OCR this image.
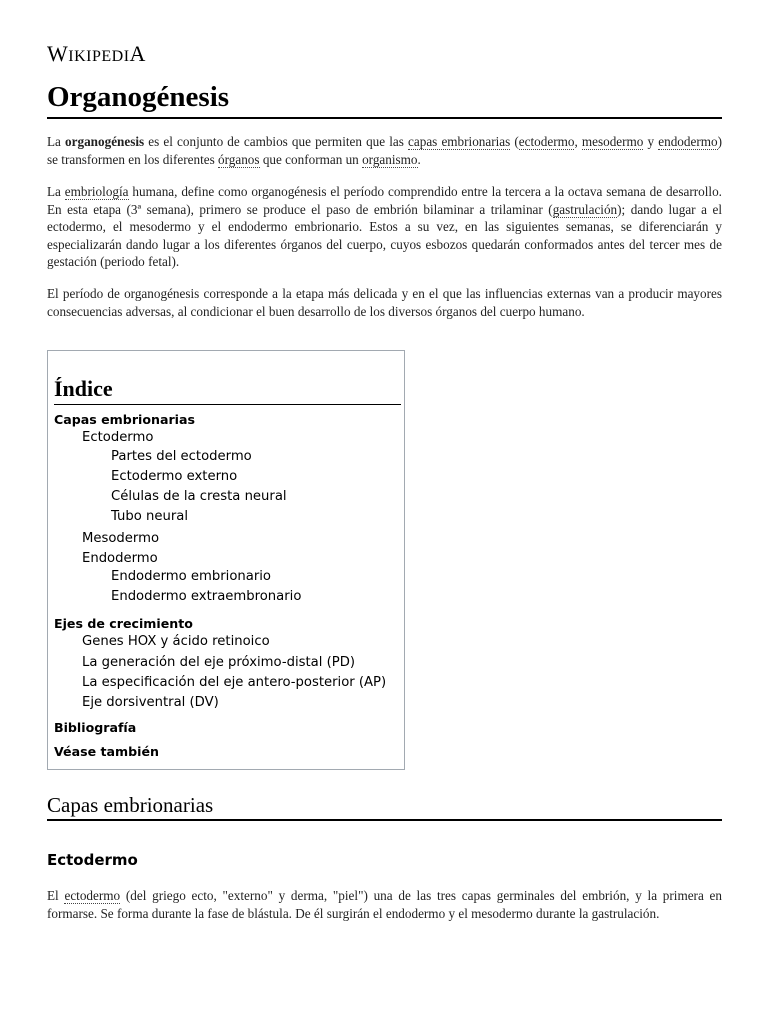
WIKIPEDIA
Organogénesis

La organogénesis es el conjunto de cambios que permiten que las capas embrionarias (ectodermo, mesodermo y endodermo) se transformen en los diferentes órganos que conforman un organismo.

La embriología humana, define como organogénesis el período comprendido entre la tercera a la octava semana de desarrollo. En esta etapa (3ª semana), primero se produce el paso de embrión bilaminar a trilaminar (gastrulación); dando lugar a el ectodermo, el mesodermo y el endodermo embrionario. Estos a su vez, en las siguientes semanas, se diferenciarán y especializarán dando lugar a los diferentes órganos del cuerpo, cuyos esbozos quedarán conformados antes del tercer mes de gestación (periodo fetal).

El período de organogénesis corresponde a la etapa más delicada y en el que las influencias externas van a producir mayores consecuencias adversas, al condicionar el buen desarrollo de los diversos órganos del cuerpo humano.

Índice
Capas embrionarias
Ectodermo
Partes del ectodermo
Ectodermo externo
Células de la cresta neural
Tubo neural
Mesodermo
Endodermo
Endodermo embrionario
Endodermo extraembronario
Ejes de crecimiento
Genes HOX y ácido retinoico
La generación del eje próximo-distal (PD)
La especificación del eje antero-posterior (AP)
Eje dorsiventral (DV)
Bibliografía
Véase también
Capas embrionarias
Ectodermo

El ectodermo (del griego ecto, "externo" y derma, "piel") una de las tres capas germinales del embrión, y la primera en formarse. Se forma durante la fase de blástula. De él surgirán el endodermo y el mesodermo durante la gastrulación.
